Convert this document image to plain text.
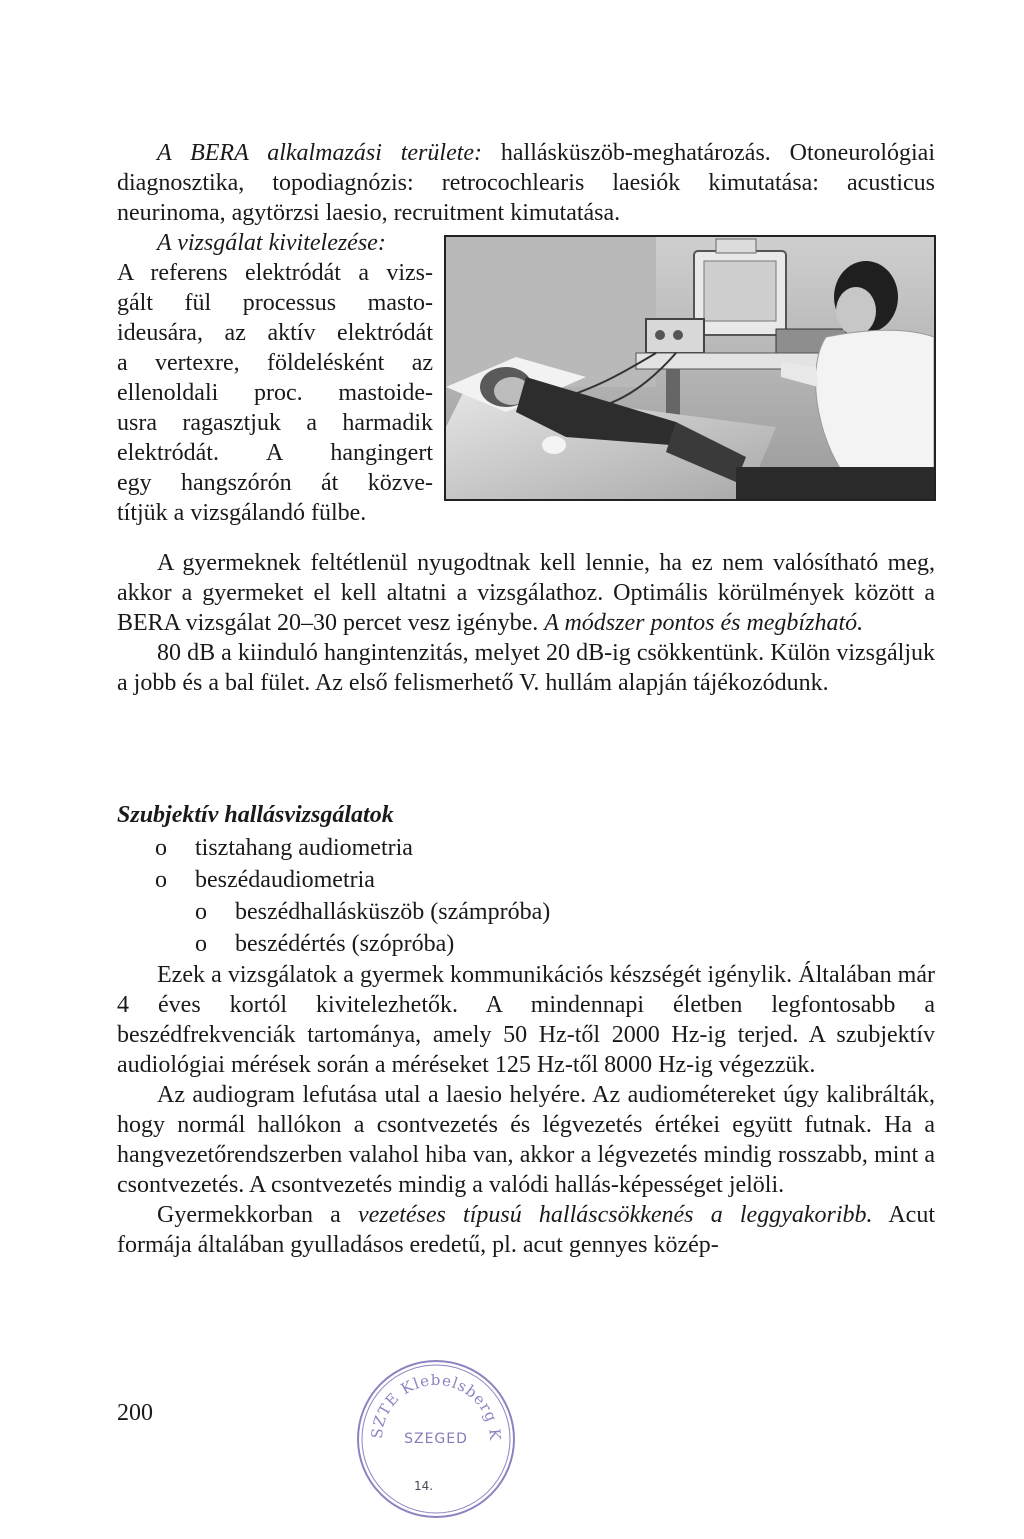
A BERA alkalmazási területe: hallásküszöb-meghatározás. Otoneurológiai diagnosztika, topodiagnózis: retrocochlearis laesiók kimutatása: acusticus neurinoma, agytörzsi laesio, recruitment kimutatása.

A vizsgálat kivitelezése:
A referens elektródát a vizs-
gált fül processus masto-
ideusára, az aktív elektródát
a vertexre, földelésként az
ellenoldali proc. mastoide-
usra ragasztjuk a harmadik
elektródát. A hangingert
egy hangszórón át közve-
títjük a vizsgálandó fülbe.

A gyermeknek feltétlenül nyugodtnak kell lennie, ha ez nem valósítható meg, akkor a gyermeket el kell altatni a vizsgálathoz. Optimális körülmények között a BERA vizsgálat 20–30 percet vesz igénybe. A módszer pontos és megbízható.

80 dB a kiinduló hangintenzitás, melyet 20 dB-ig csökkentünk. Külön vizsgáljuk a jobb és a bal fület. Az első felismerhető V. hullám alapján tájékozódunk.

Szubjektív hallásvizsgálatok
o	tisztahang audiometria
o	beszédaudiometria
o	beszédhallásküszöb (számpróba)
o	beszédértés (szópróba)

Ezek a vizsgálatok a gyermek kommunikációs készségét igénylik. Általában már 4 éves kortól kivitelezhetők. A mindennapi életben legfontosabb a beszédfrekvenciák tartománya, amely 50 Hz-től 2000 Hz-ig terjed. A szubjektív audiológiai mérések során a méréseket 125 Hz-től 8000 Hz-ig végezzük.

Az audiogram lefutása utal a laesio helyére. Az audiométereket úgy kalibrálták, hogy normál hallókon a csontvezetés és légvezetés értékei együtt futnak. Ha a hangvezetőrendszerben valahol hiba van, akkor a légvezetés mindig rosszabb, mint a csontvezetés. A csontvezetés mindig a valódi hallás-képességet jelöli.

Gyermekkorban a vezetéses típusú halláscsökkenés a leggyakoribb. Acut formája általában gyulladásos eredetű, pl. acut gennyes közép-

200
SZTE Klebelsberg K
SZEGED
14.
